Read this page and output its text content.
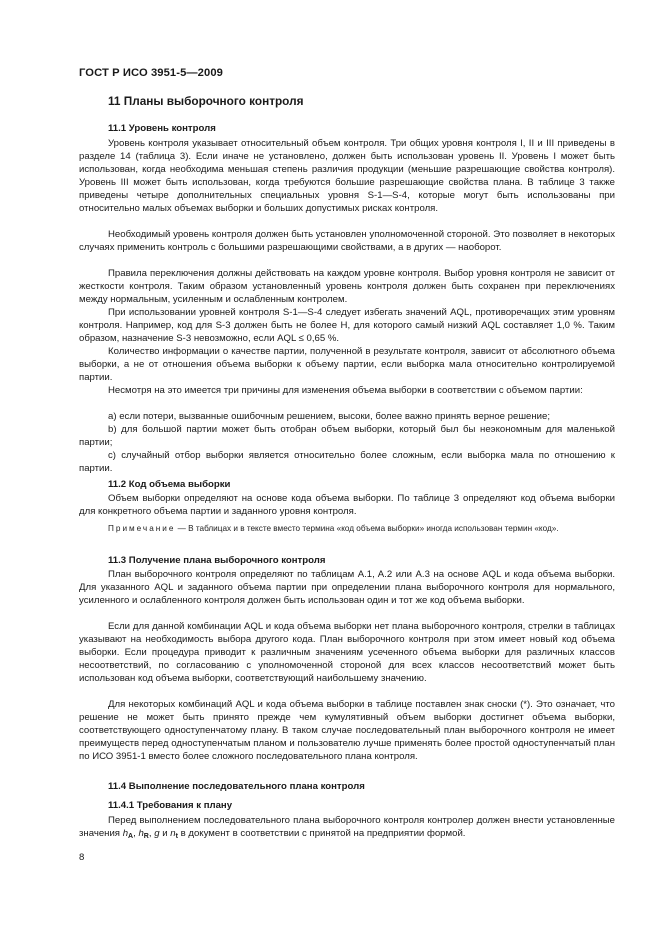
ГОСТ Р ИСО 3951-5—2009
11 Планы выборочного контроля
11.1 Уровень контроля

Уровень контроля указывает относительный объем контроля. Три общих уровня контроля I, II и III приведены в разделе 14 (таблица 3). Если иначе не установлено, должен быть использован уровень II. Уровень I может быть использован, когда необходима меньшая степень различия продукции (меньшие разрешающие свойства контроля). Уровень III может быть использован, когда требуются большие разрешающие свойства плана. В таблице 3 также приведены четыре дополнительных специальных уровня S-1—S-4, которые могут быть использованы при относительно малых объемах выборки и больших допустимых рисках контроля.

Необходимый уровень контроля должен быть установлен уполномоченной стороной. Это позволяет в некоторых случаях применить контроль с большими разрешающими свойствами, а в других — наоборот.

Правила переключения должны действовать на каждом уровне контроля. Выбор уровня контроля не зависит от жесткости контроля. Таким образом установленный уровень контроля должен быть сохранен при переключениях между нормальным, усиленным и ослабленным контролем.

При использовании уровней контроля S-1—S-4 следует избегать значений AQL, противоречащих этим уровням контроля. Например, код для S-3 должен быть не более H, для которого самый низкий AQL составляет 1,0 %. Таким образом, назначение S-3 невозможно, если AQL ≤ 0,65 %.

Количество информации о качестве партии, полученной в результате контроля, зависит от абсолютного объема выборки, а не от отношения объема выборки к объему партии, если выборка мала относительно контролируемой партии.

Несмотря на это имеется три причины для изменения объема выборки в соответствии с объемом партии:

a) если потери, вызванные ошибочным решением, высоки, более важно принять верное решение;

b) для большой партии может быть отобран объем выборки, который был бы неэкономным для маленькой партии;

c) случайный отбор выборки является относительно более сложным, если выборка мала по отношению к партии.

11.2 Код объема выборки

Объем выборки определяют на основе кода объема выборки. По таблице 3 определяют код объема выборки для конкретного объема партии и заданного уровня контроля.

Примечание — В таблицах и в тексте вместо термина «код объема выборки» иногда использован термин «код».

11.3 Получение плана выборочного контроля

План выборочного контроля определяют по таблицам A.1, A.2 или A.3 на основе AQL и кода объема выборки. Для указанного AQL и заданного объема партии при определении плана выборочного контроля для нормального, усиленного и ослабленного контроля должен быть использован один и тот же код объема выборки.

Если для данной комбинации AQL и кода объема выборки нет плана выборочного контроля, стрелки в таблицах указывают на необходимость выбора другого кода. План выборочного контроля при этом имеет новый код объема выборки. Если процедура приводит к различным значениям усеченного объема выборки для различных классов несоответствий, по согласованию с уполномоченной стороной для всех классов несоответствий может быть использован код объема выборки, соответствующий наибольшему значению.

Для некоторых комбинаций AQL и кода объема выборки в таблице поставлен знак сноски (*). Это означает, что решение не может быть принято прежде чем кумулятивный объем выборки достигнет объема выборки, соответствующего одноступенчатому плану. В таком случае последовательный план выборочного контроля не имеет преимуществ перед одноступенчатым планом и пользователю лучше применять более простой одноступенчатый план по ИСО 3951-1 вместо более сложного последовательного плана контроля.

11.4 Выполнение последовательного плана контроля
11.4.1 Требования к плану

Перед выполнением последовательного плана выборочного контроля контролер должен внести установленные значения $h_A$, $h_R$, g и $n_t$ в документ в соответствии с принятой на предприятии формой.

8
